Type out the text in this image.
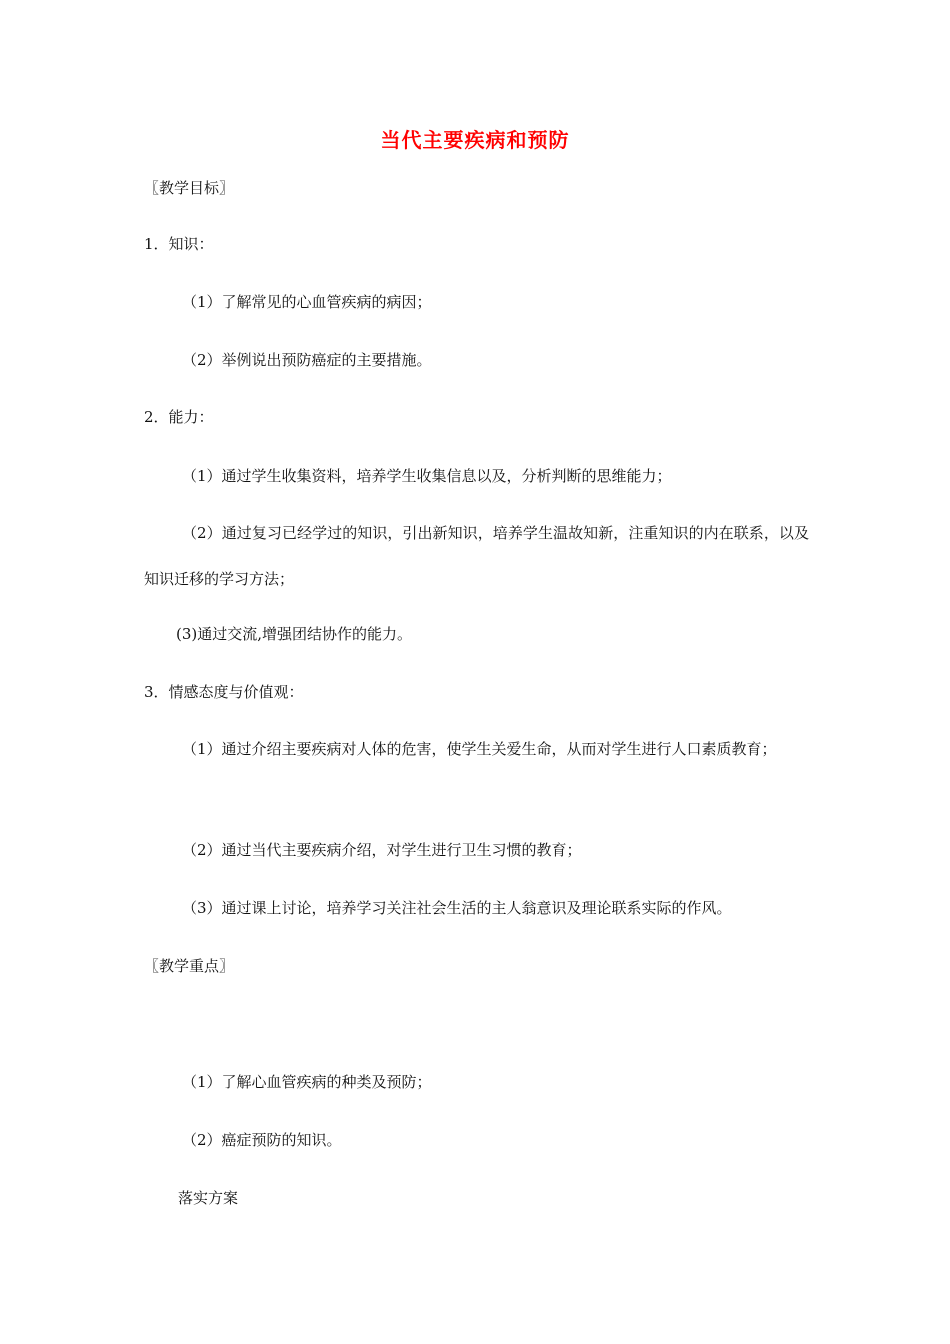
当代主要疾病和预防
〖教学目标〗
1．知识：
（1）了解常见的心血管疾病的病因；
（2）举例说出预防癌症的主要措施。
2．能力：
（1）通过学生收集资料，培养学生收集信息以及，分析判断的思维能力；
（2）通过复习已经学过的知识，引出新知识，培养学生温故知新，注重知识的内在联系，以及知识迁移的学习方法；
(3)通过交流,增强团结协作的能力。
3．情感态度与价值观：
（1）通过介绍主要疾病对人体的危害，使学生关爱生命，从而对学生进行人口素质教育；
（2）通过当代主要疾病介绍，对学生进行卫生习惯的教育；
（3）通过课上讨论，培养学习关注社会生活的主人翁意识及理论联系实际的作风。
〖教学重点〗
（1）了解心血管疾病的种类及预防；
（2）癌症预防的知识。
落实方案
